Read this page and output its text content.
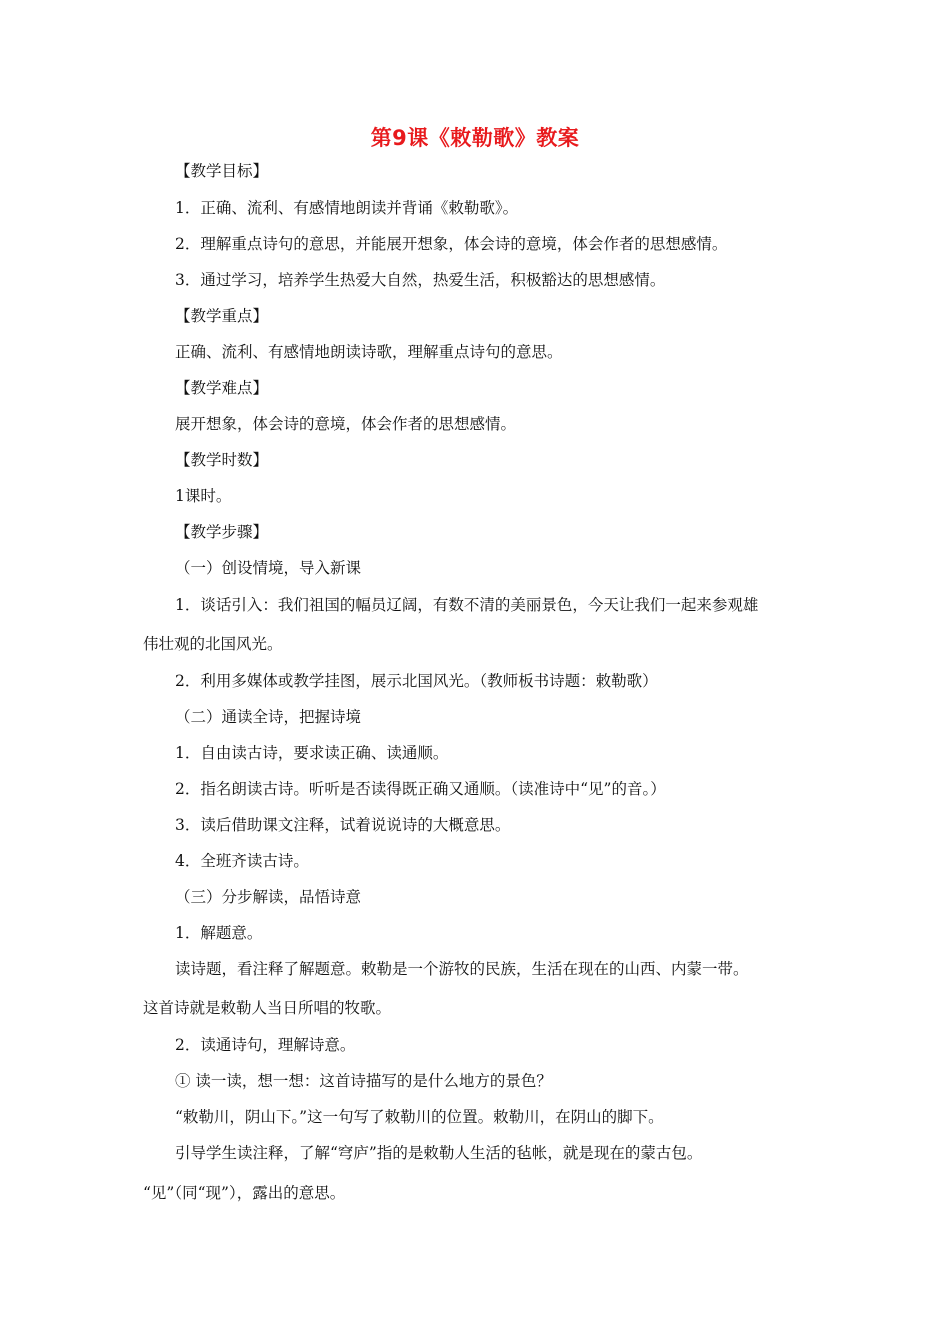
第9课《敕勒歌》教案
【教学目标】
1．正确、流利、有感情地朗读并背诵《敕勒歌》。
2．理解重点诗句的意思，并能展开想象，体会诗的意境，体会作者的思想感情。
3．通过学习，培养学生热爱大自然，热爱生活，积极豁达的思想感情。
【教学重点】
正确、流利、有感情地朗读诗歌，理解重点诗句的意思。
【教学难点】
展开想象，体会诗的意境，体会作者的思想感情。
【教学时数】
1课时。
【教学步骤】
（一）创设情境，导入新课
1．谈话引入：我们祖国的幅员辽阔，有数不清的美丽景色，今天让我们一起来参观雄
伟壮观的北国风光。
2．利用多媒体或教学挂图，展示北国风光。（教师板书诗题：敕勒歌）
（二）通读全诗，把握诗境
1．自由读古诗，要求读正确、读通顺。
2．指名朗读古诗。听听是否读得既正确又通顺。（读准诗中“见”的音。）
3．读后借助课文注释，试着说说诗的大概意思。
4．全班齐读古诗。
（三）分步解读，品悟诗意
1．解题意。
读诗题，看注释了解题意。敕勒是一个游牧的民族，生活在现在的山西、内蒙一带。
这首诗就是敕勒人当日所唱的牧歌。
2．读通诗句，理解诗意。
① 读一读，想一想：这首诗描写的是什么地方的景色？
“敕勒川，阴山下。”这一句写了敕勒川的位置。敕勒川，在阴山的脚下。
引导学生读注释，了解“穹庐”指的是敕勒人生活的毡帐，就是现在的蒙古包。
“见”（同“现”），露出的意思。
